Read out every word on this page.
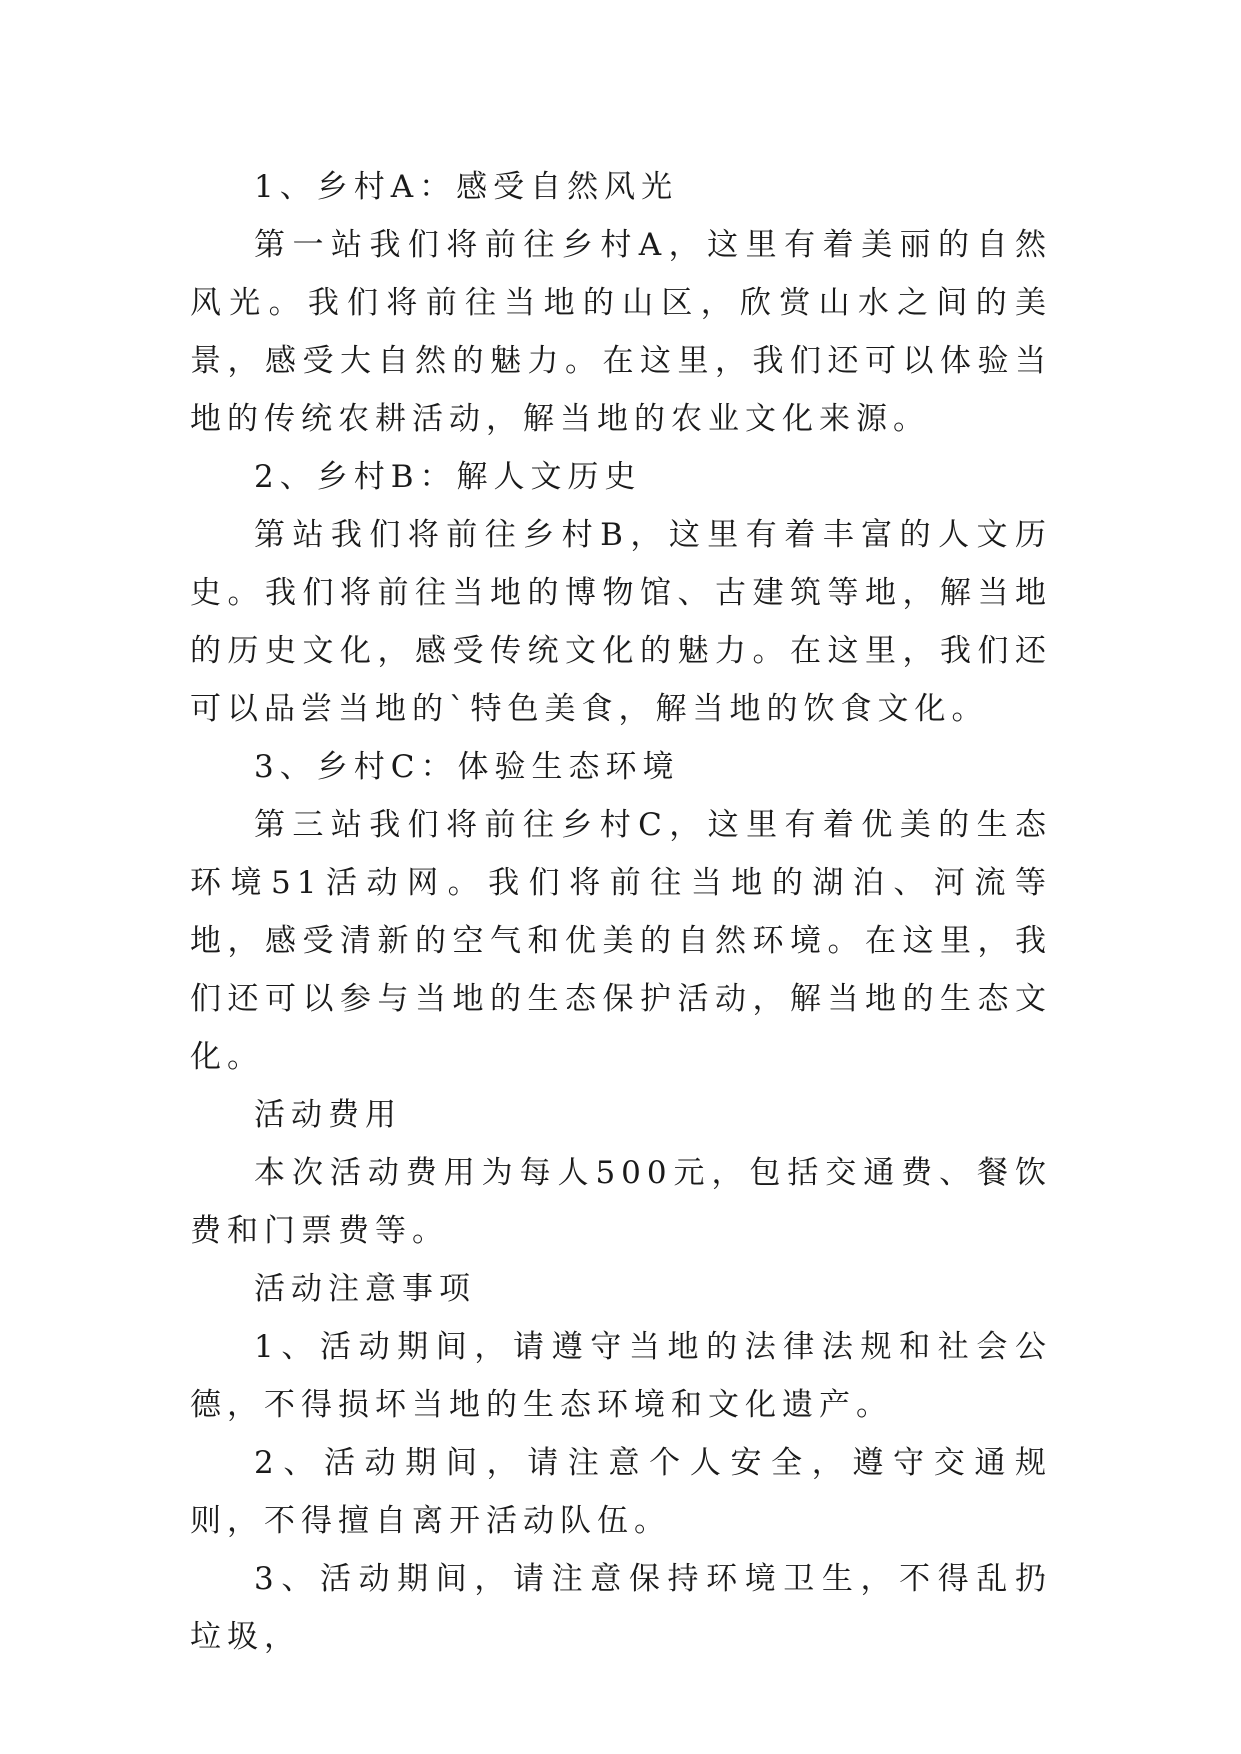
1、乡村A：感受自然风光

第一站我们将前往乡村A，这里有着美丽的自然风光。我们将前往当地的山区，欣赏山水之间的美景，感受大自然的魅力。在这里，我们还可以体验当地的传统农耕活动，解当地的农业文化来源。

2、乡村B：解人文历史

第站我们将前往乡村B，这里有着丰富的人文历史。我们将前往当地的博物馆、古建筑等地，解当地的历史文化，感受传统文化的魅力。在这里，我们还可以品尝当地的`特色美食，解当地的饮食文化。

3、乡村C：体验生态环境

第三站我们将前往乡村C，这里有着优美的生态环境51活动网。我们将前往当地的湖泊、河流等地，感受清新的空气和优美的自然环境。在这里，我们还可以参与当地的生态保护活动，解当地的生态文化。

活动费用

本次活动费用为每人500元，包括交通费、餐饮费和门票费等。

活动注意事项

1、活动期间，请遵守当地的法律法规和社会公德，不得损坏当地的生态环境和文化遗产。

2、活动期间，请注意个人安全，遵守交通规则，不得擅自离开活动队伍。

3、活动期间，请注意保持环境卫生，不得乱扔垃圾，
